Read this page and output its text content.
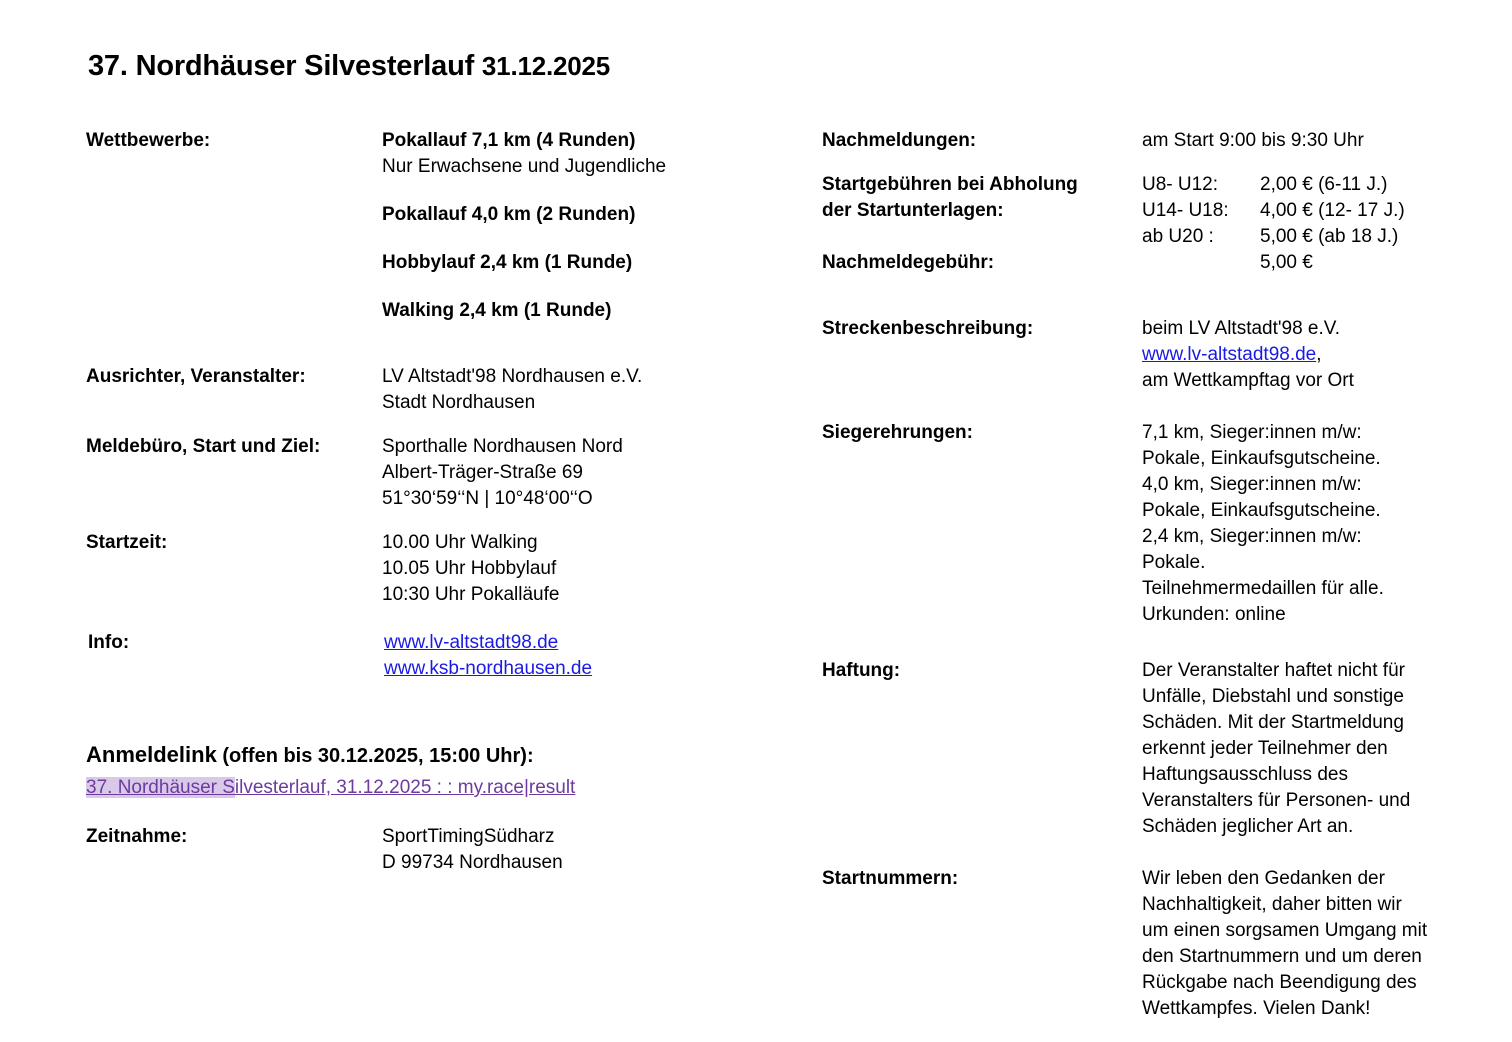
37. Nordhäuser Silvesterlauf 31.12.2025
Wettbewerbe:	Pokallauf 7,1 km (4 Runden)
Nur Erwachsene und Jugendliche
Pokallauf 4,0 km (2 Runden)
Hobbylauf 2,4 km (1 Runde)
Walking 2,4 km (1 Runde)
Ausrichter, Veranstalter:	LV Altstadt'98 Nordhausen e.V.
Stadt Nordhausen
Meldebüro, Start und Ziel:	Sporthalle Nordhausen Nord
Albert-Träger-Straße 69
51°30‘59‘‘N | 10°48‘00‘‘O
Startzeit:	10.00 Uhr Walking
10.05 Uhr Hobbylauf
10:30 Uhr Pokalläufe
Info:	www.lv-altstadt98.de
www.ksb-nordhausen.de
Anmeldelink (offen bis 30.12.2025, 15:00 Uhr):
37. Nordhäuser Silvesterlauf, 31.12.2025 : : my.race|result
Zeitnahme:	SportTimingSüdharz
D 99734 Nordhausen
Nachmeldungen:	am Start 9:00 bis 9:30 Uhr
Startgebühren bei Abholung
der Startunterlagen:
U8- U12:	2,00 € (6-11 J.)
U14- U18:	4,00 € (12- 17 J.)
ab U20 :	5,00 € (ab 18 J.)
Nachmeldegebühr:	5,00 €
Streckenbeschreibung:	beim LV Altstadt'98 e.V.
www.lv-altstadt98.de,
am Wettkampftag vor Ort
Siegerehrungen:	7,1 km, Sieger:innen m/w:
Pokale, Einkaufsgutscheine.
4,0 km, Sieger:innen m/w:
Pokale, Einkaufsgutscheine.
2,4 km, Sieger:innen m/w:
Pokale.
Teilnehmermedaillen für alle.
Urkunden: online
Haftung:	Der Veranstalter haftet nicht für
Unfälle, Diebstahl und sonstige
Schäden. Mit der Startmeldung
erkennt jeder Teilnehmer den
Haftungsausschluss des
Veranstalters für Personen- und
Schäden jeglicher Art an.
Startnummern:	Wir leben den Gedanken der
Nachhaltigkeit, daher bitten wir
um einen sorgsamen Umgang mit
den Startnummern und um deren
Rückgabe nach Beendigung des
Wettkampfes. Vielen Dank!
